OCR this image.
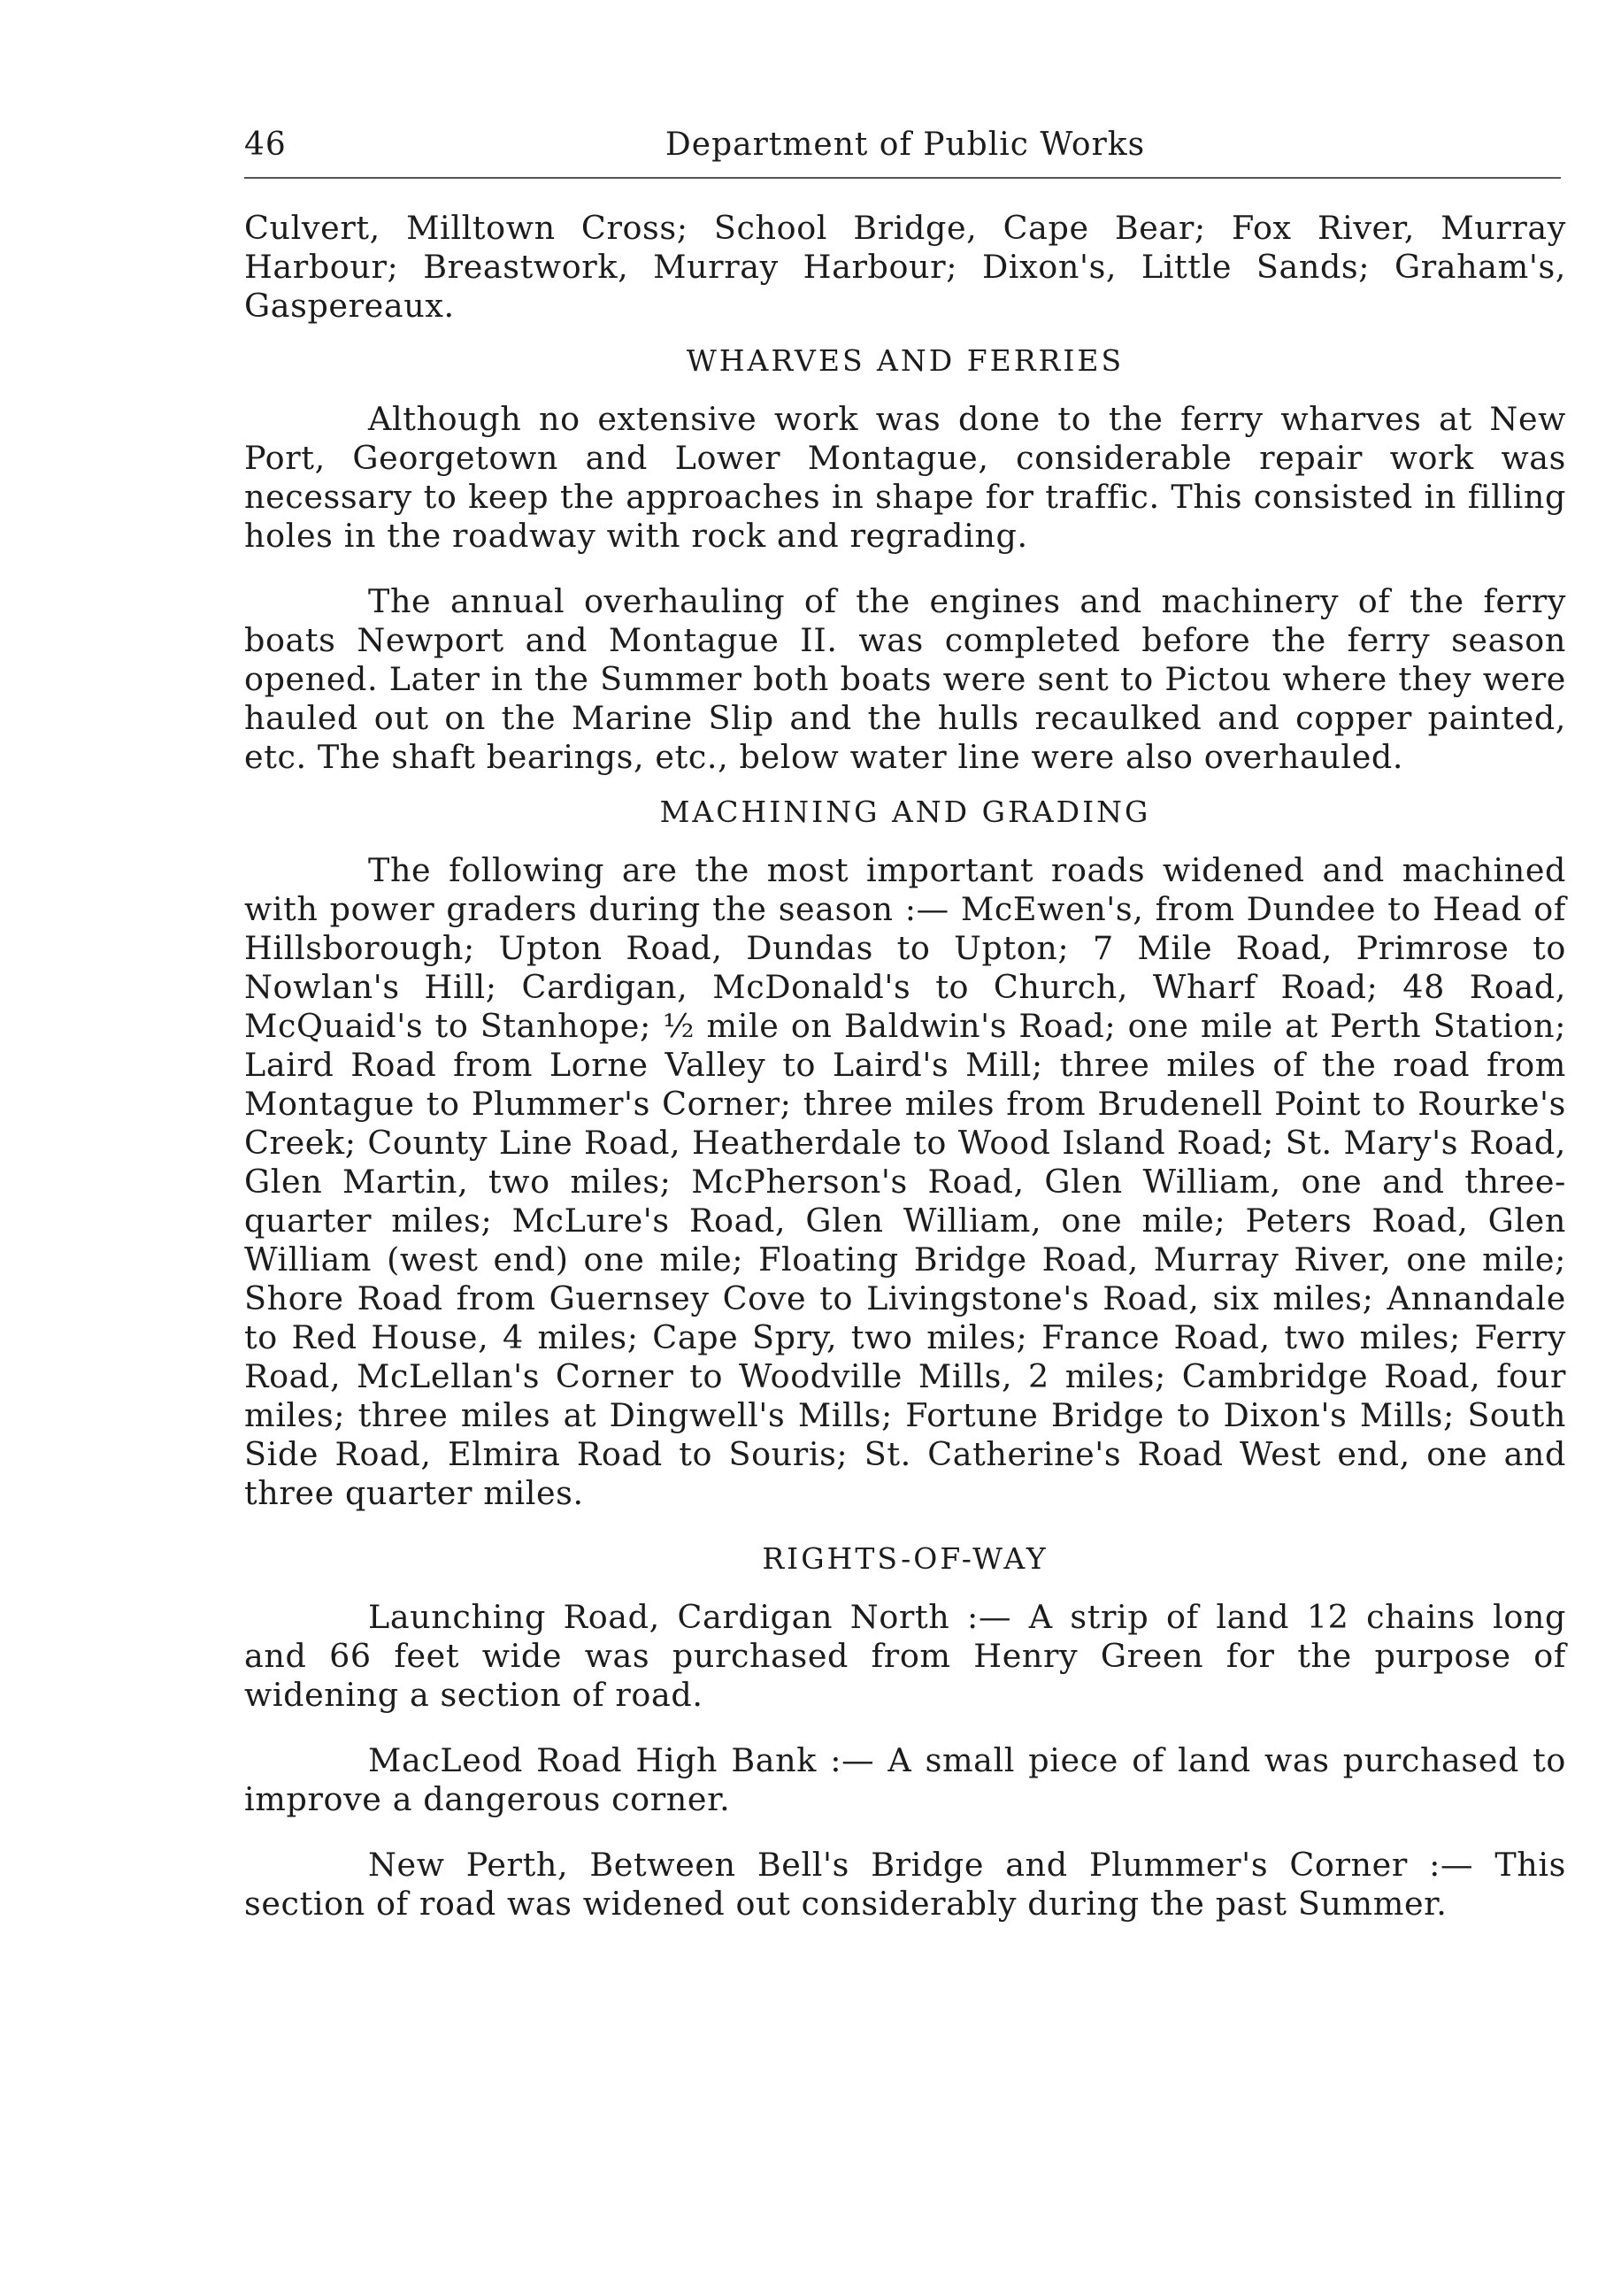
46	Department of Public Works

Culvert, Milltown Cross; School Bridge, Cape Bear; Fox River, Murray Harbour; Breastwork, Murray Harbour; Dixon's, Little Sands; Graham's, Gaspereaux.

WHARVES AND FERRIES

Although no extensive work was done to the ferry wharves at New Port, Georgetown and Lower Montague, considerable repair work was necessary to keep the approaches in shape for traffic. This consisted in filling holes in the roadway with rock and regrading.

The annual overhauling of the engines and machinery of the ferry boats Newport and Montague II. was completed before the ferry season opened. Later in the Summer both boats were sent to Pictou where they were hauled out on the Marine Slip and the hulls recaulked and copper painted, etc. The shaft bearings, etc., below water line were also overhauled.

MACHINING AND GRADING

The following are the most important roads widened and machined with power graders during the season :— McEwen's, from Dundee to Head of Hillsborough; Upton Road, Dundas to Upton; 7 Mile Road, Primrose to Nowlan's Hill; Cardigan, McDonald's to Church, Wharf Road; 48 Road, McQuaid's to Stanhope; ½ mile on Baldwin's Road; one mile at Perth Station; Laird Road from Lorne Valley to Laird's Mill; three miles of the road from Montague to Plummer's Corner; three miles from Brudenell Point to Rourke's Creek; County Line Road, Heatherdale to Wood Island Road; St. Mary's Road, Glen Martin, two miles; McPherson's Road, Glen William, one and three-quarter miles; McLure's Road, Glen William, one mile; Peters Road, Glen William (west end) one mile; Floating Bridge Road, Murray River, one mile; Shore Road from Guernsey Cove to Livingstone's Road, six miles; Annandale to Red House, 4 miles; Cape Spry, two miles; France Road, two miles; Ferry Road, McLellan's Corner to Woodville Mills, 2 miles; Cambridge Road, four miles; three miles at Dingwell's Mills; Fortune Bridge to Dixon's Mills; South Side Road, Elmira Road to Souris; St. Catherine's Road West end, one and three quarter miles.

RIGHTS-OF-WAY

Launching Road, Cardigan North :— A strip of land 12 chains long and 66 feet wide was purchased from Henry Green for the purpose of widening a section of road.

MacLeod Road High Bank :— A small piece of land was purchased to improve a dangerous corner.

New Perth, Between Bell's Bridge and Plummer's Corner :— This section of road was widened out considerably during the past Summer.
